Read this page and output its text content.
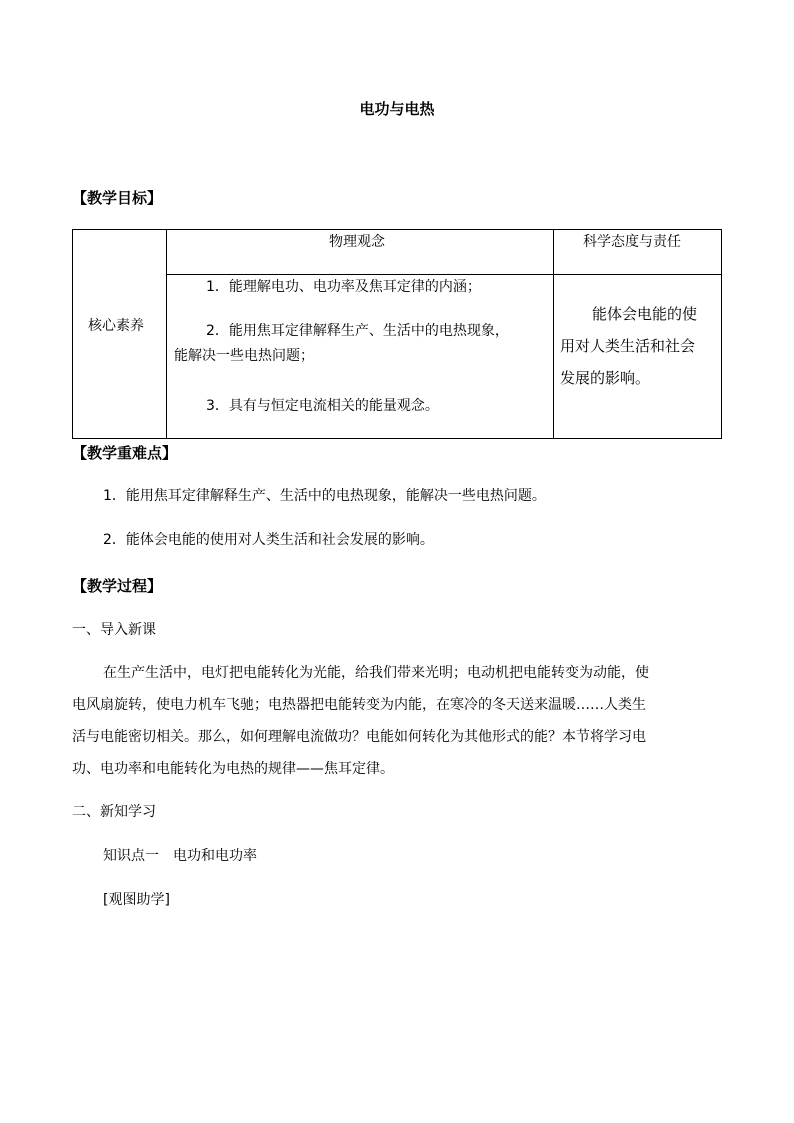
电功与电热
【教学目标】
核心素养
物理观念	科学态度与责任
1．能理解电功、电功率及焦耳定律的内涵；
2．能用焦耳定律解释生产、生活中的电热现象，
能解决一些电热问题；
3．具有与恒定电流相关的能量观念。
能体会电能的使
用对人类生活和社会
发展的影响。
【教学重难点】
1．能用焦耳定律解释生产、生活中的电热现象，能解决一些电热问题。
2．能体会电能的使用对人类生活和社会发展的影响。
【教学过程】
一、导入新课
在生产生活中，电灯把电能转化为光能，给我们带来光明；电动机把电能转变为动能，使
电风扇旋转，使电力机车飞驰；电热器把电能转变为内能，在寒冷的冬天送来温暖……人类生
活与电能密切相关。那么，如何理解电流做功？电能如何转化为其他形式的能？本节将学习电
功、电功率和电能转化为电热的规律——焦耳定律。
二、新知学习
知识点一　电功和电功率
[观图助学]
